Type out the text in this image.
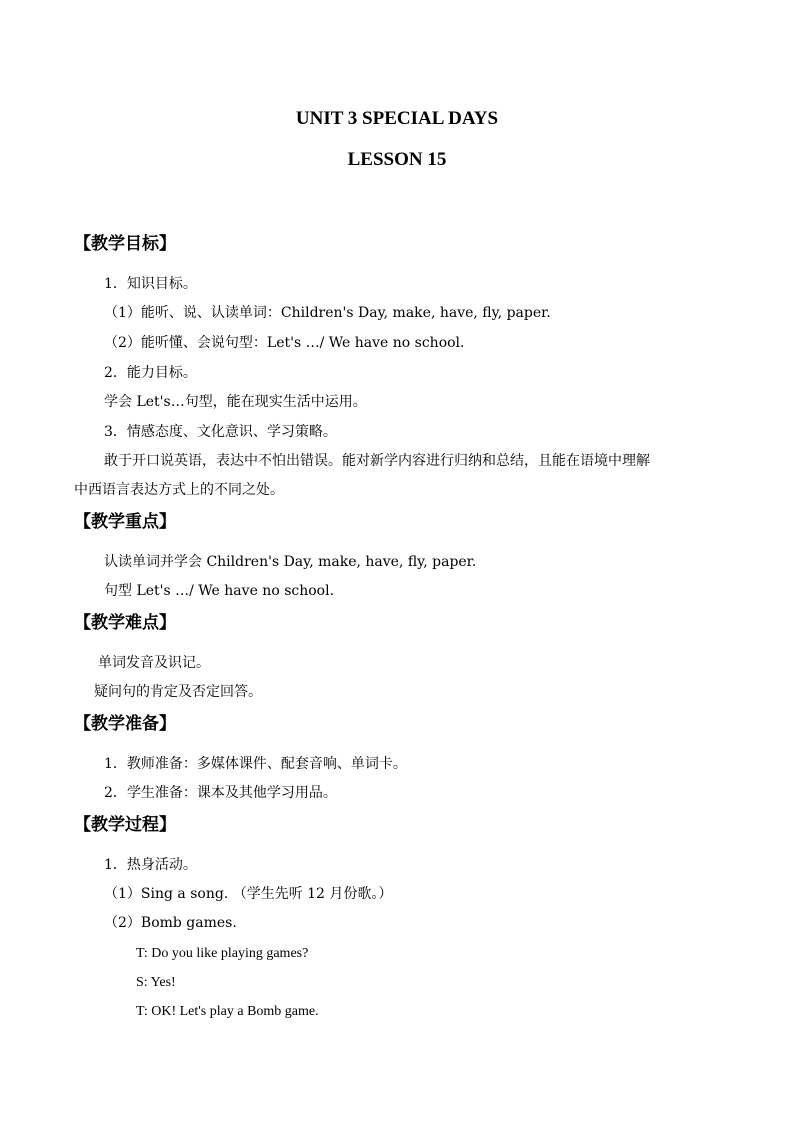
UNIT 3 SPECIAL DAYS
LESSON 15
【教学目标】
1．知识目标。
（1）能听、说、认读单词：Children's Day, make, have, fly, paper.
（2）能听懂、会说句型：Let's …/ We have no school.
2．能力目标。
学会 Let's…句型，能在现实生活中运用。
3．情感态度、文化意识、学习策略。
敢于开口说英语，表达中不怕出错误。能对新学内容进行归纳和总结，且能在语境中理解
中西语言表达方式上的不同之处。
【教学重点】
认读单词并学会 Children's Day, make, have, fly, paper.
句型 Let's …/ We have no school.
【教学难点】
单词发音及识记。
疑问句的肯定及否定回答。
【教学准备】
1．教师准备：多媒体课件、配套音响、单词卡。
2．学生准备：课本及其他学习用品。
【教学过程】
1．热身活动。
（1）Sing a song. （学生先听 12 月份歌。）
（2）Bomb games.
T: Do you like playing games?
S: Yes!
T: OK! Let's play a Bomb game.
